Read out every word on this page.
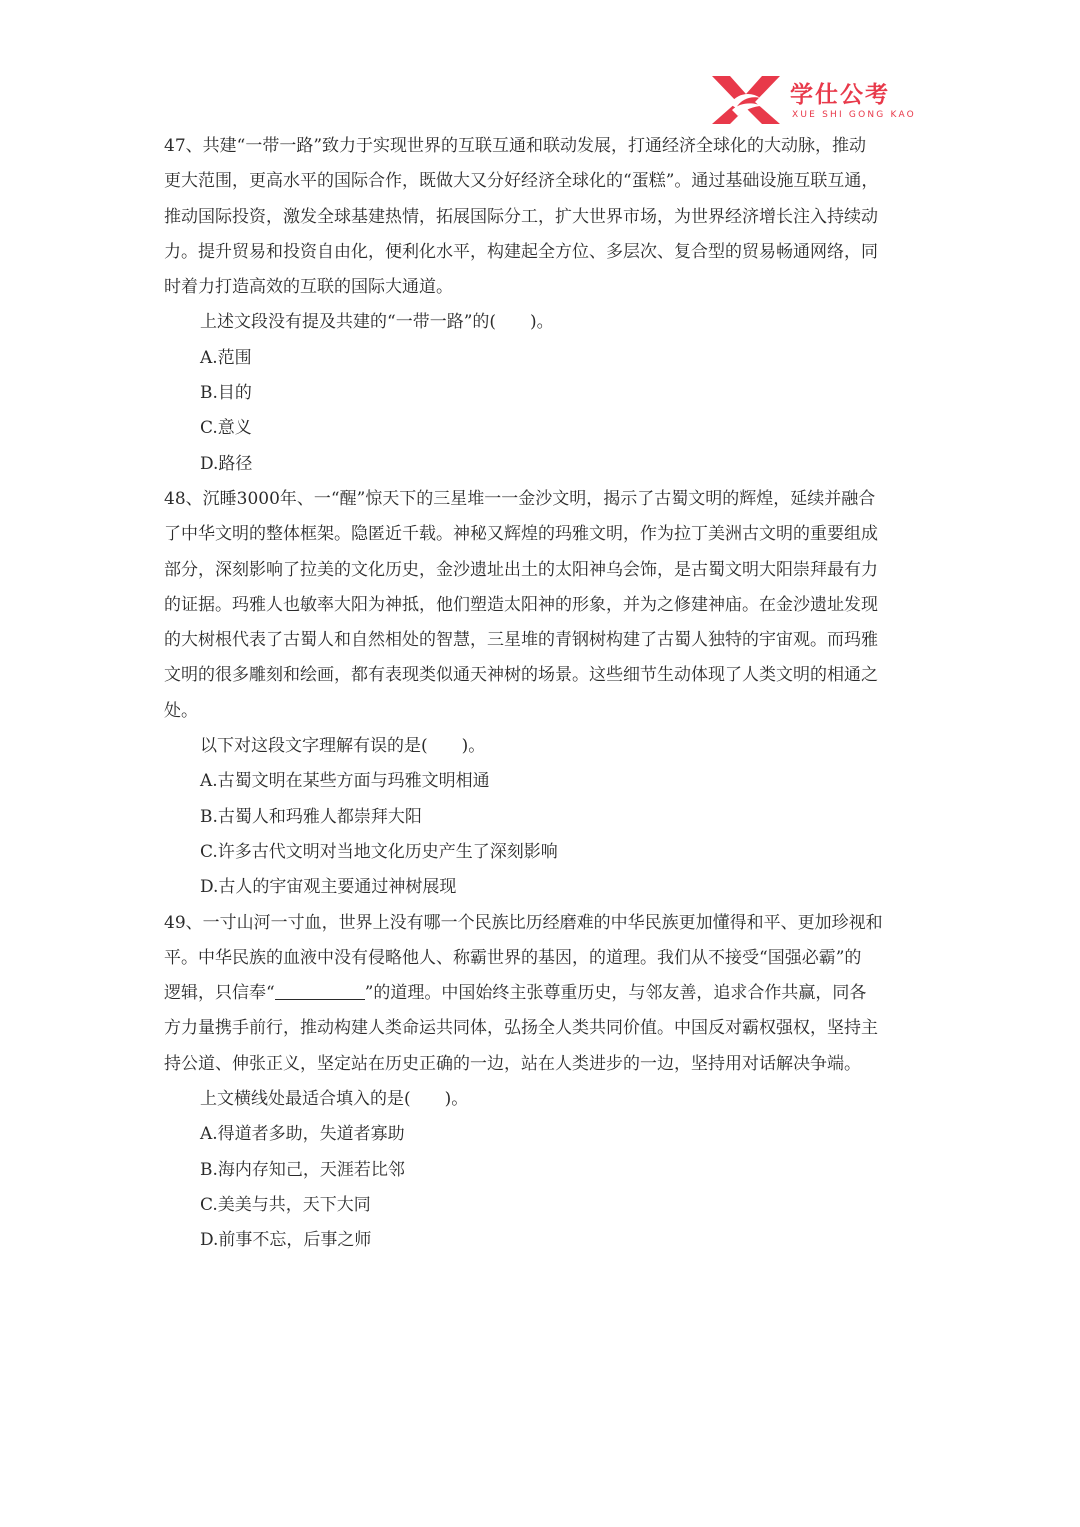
学仕公考
XUE SHI GONG KAO
47、共建“一带一路”致力于实现世界的互联互通和联动发展，打通经济全球化的大动脉，推动
更大范围，更高水平的国际合作，既做大又分好经济全球化的“蛋糕”。通过基础设施互联互通，
推动国际投资，激发全球基建热情，拓展国际分工，扩大世界市场，为世界经济增长注入持续动
力。提升贸易和投资自由化，便利化水平，构建起全方位、多层次、复合型的贸易畅通网络，同
时着力打造高效的互联的国际大通道。
上述文段没有提及共建的“一带一路”的(　　)。
A.范围
B.目的
C.意义
D.路径
48、沉睡3000年、一“醒”惊天下的三星堆一一金沙文明，揭示了古蜀文明的辉煌，延续并融合
了中华文明的整体框架。隐匿近千载。神秘又辉煌的玛雅文明，作为拉丁美洲古文明的重要组成
部分，深刻影响了拉美的文化历史，金沙遗址出土的太阳神乌会饰，是古蜀文明大阳崇拜最有力
的证据。玛雅人也敏率大阳为神抵，他们塑造太阳神的形象，并为之修建神庙。在金沙遗址发现
的大树根代表了古蜀人和自然相处的智慧，三星堆的青钢树构建了古蜀人独特的宇宙观。而玛雅
文明的很多雕刻和绘画，都有表现类似通天神树的场景。这些细节生动体现了人类文明的相通之
处。
以下对这段文字理解有误的是(　　)。
A.古蜀文明在某些方面与玛雅文明相通
B.古蜀人和玛雅人都崇拜大阳
C.许多古代文明对当地文化历史产生了深刻影响
D.古人的宇宙观主要通过神树展现
49、一寸山河一寸血，世界上没有哪一个民族比历经磨难的中华民族更加懂得和平、更加珍视和
平。中华民族的血液中没有侵略他人、称霸世界的基因，的道理。我们从不接受“国强必霸”的
逻辑，只信奉“	”的道理。中国始终主张尊重历史，与邻友善，追求合作共赢，同各
方力量携手前行，推动构建人类命运共同体，弘扬全人类共同价值。中国反对霸权强权，坚持主
持公道、伸张正义，坚定站在历史正确的一边，站在人类进步的一边，坚持用对话解决争端。
上文横线处最适合填入的是(　　)。
A.得道者多助，失道者寡助
B.海内存知己，天涯若比邻
C.美美与共，天下大同
D.前事不忘，后事之师
